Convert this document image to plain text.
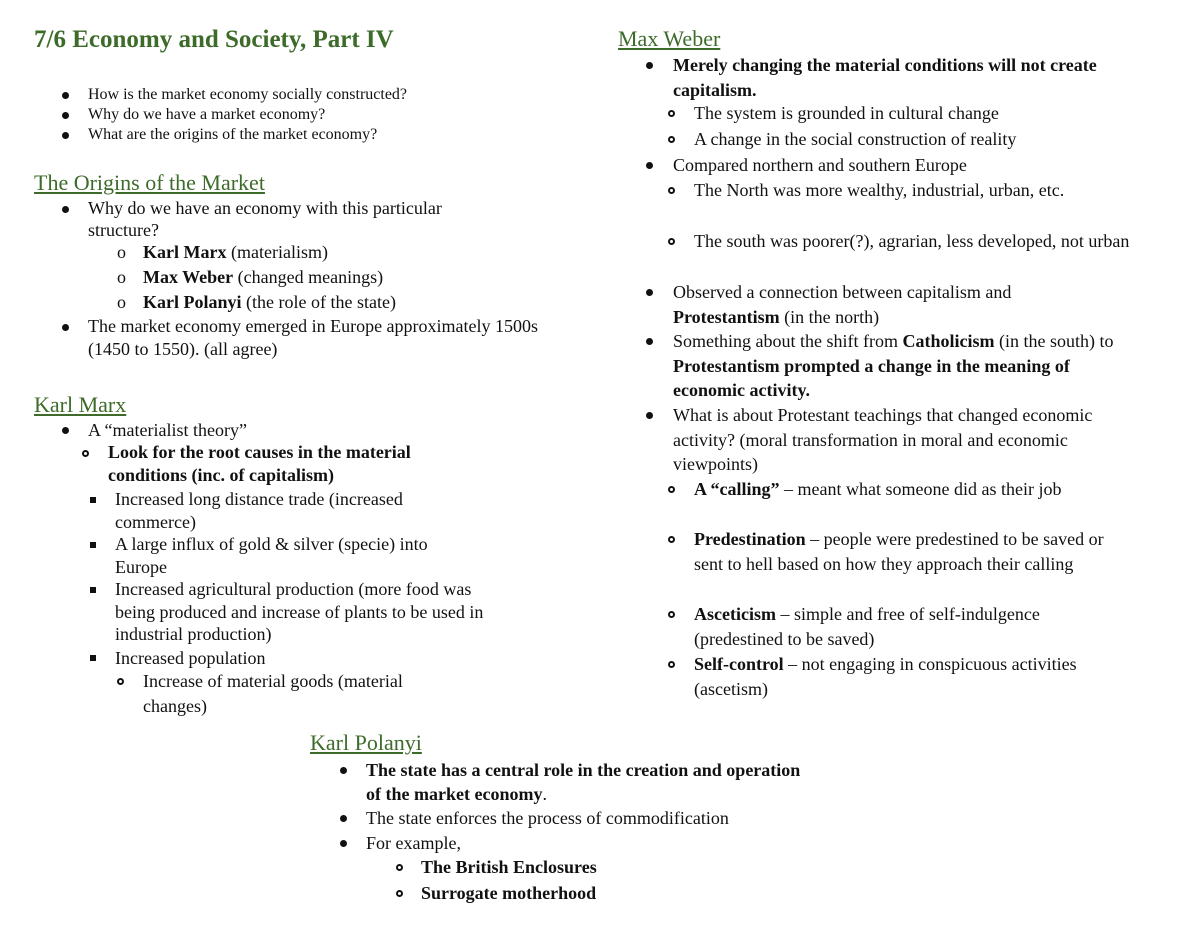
7/6 Economy and Society, Part IV
How is the market economy socially constructed?
Why do we have a market economy?
What are the origins of the market economy?
The Origins of the Market
Why do we have an economy with this particular structure?
o Karl Marx (materialism)
o Max Weber (changed meanings)
o Karl Polanyi (the role of the state)
The market economy emerged in Europe approximately 1500s (1450 to 1550). (all agree)
Karl Marx
A “materialist theory”
Look for the root causes in the material conditions (inc. of capitalism)
Increased long distance trade (increased commerce)
A large influx of gold & silver (specie) into Europe
Increased agricultural production (more food was being produced and increase of plants to be used in industrial production)
Increased population
Increase of material goods (material changes)
Max Weber
Merely changing the material conditions will not create capitalism.
The system is grounded in cultural change
A change in the social construction of reality
Compared northern and southern Europe
The North was more wealthy, industrial, urban, etc.
The south was poorer(?), agrarian, less developed, not urban
Observed a connection between capitalism and Protestantism (in the north)
Something about the shift from Catholicism (in the south) to Protestantism prompted a change in the meaning of economic activity.
What is about Protestant teachings that changed economic activity? (moral transformation in moral and economic viewpoints)
A “calling” – meant what someone did as their job
Predestination – people were predestined to be saved or sent to hell based on how they approach their calling
Asceticism – simple and free of self-indulgence (predestined to be saved)
Self-control – not engaging in conspicuous activities (ascetism)
Karl Polanyi
The state has a central role in the creation and operation of the market economy.
The state enforces the process of commodification
For example,
The British Enclosures
Surrogate motherhood
